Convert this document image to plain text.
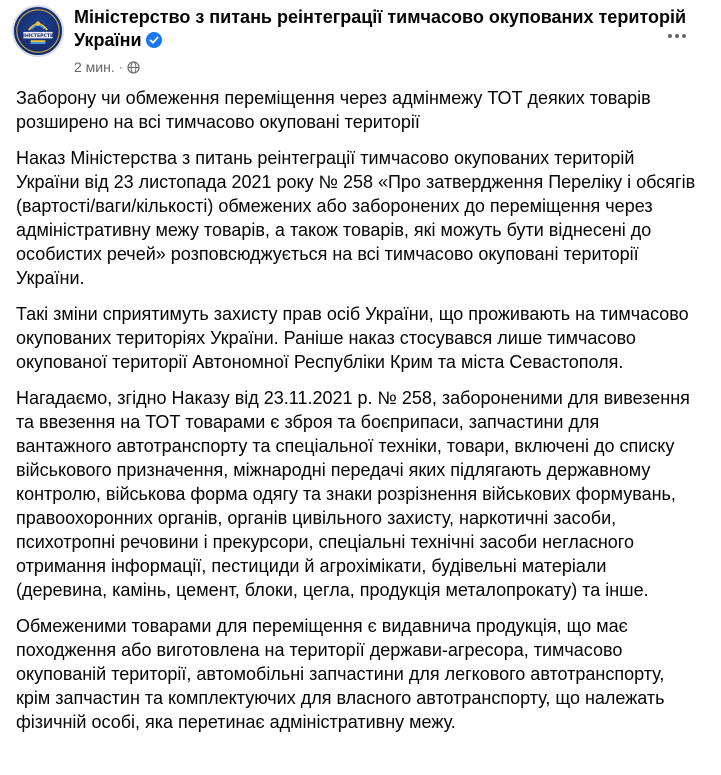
МІНІСТЕРСТВО
Міністерство з питань реінтеграції тимчасово окупованих територій України
2 мин. ·

Заборону чи обмеження переміщення через адмінмежу ТОТ деяких товарів розширено на всі тимчасово окуповані території

Наказ Міністерства з питань реінтеграції тимчасово окупованих територій України від 23 листопада 2021 року № 258 «Про затвердження Переліку і обсягів (вартості/ваги/кількості) обмежених або заборонених до переміщення через адміністративну межу товарів, а також товарів, які можуть бути віднесені до особистих речей» розповсюджується на всі тимчасово окуповані території України.

Такі зміни сприятимуть захисту прав осіб України, що проживають на тимчасово окупованих територіях України. Раніше наказ стосувався лише тимчасово окупованої території Автономної Республіки Крим та міста Севастополя.

Нагадаємо, згідно Наказу від 23.11.2021 р. № 258, забороненими для вивезення та ввезення на ТОТ товарами є зброя та боєприпаси, запчастини для вантажного автотранспорту та спеціальної техніки, товари, включені до списку військового призначення, міжнародні передачі яких підлягають державному контролю, військова форма одягу та знаки розрізнення військових формувань, правоохоронних органів, органів цивільного захисту, наркотичні засоби, психотропні речовини і прекурсори, спеціальні технічні засоби негласного отримання інформації, пестициди й агрохімікати, будівельні матеріали (деревина, камінь, цемент, блоки, цегла, продукція металопрокату) та інше.

Обмеженими товарами для переміщення є видавнича продукція, що має походження або виготовлена на території держави-агресора, тимчасово окупованій території, автомобільні запчастини для легкового автотранспорту, крім запчастин та комплектуючих для власного автотранспорту, що належать фізичній особі, яка перетинає адміністративну межу.
